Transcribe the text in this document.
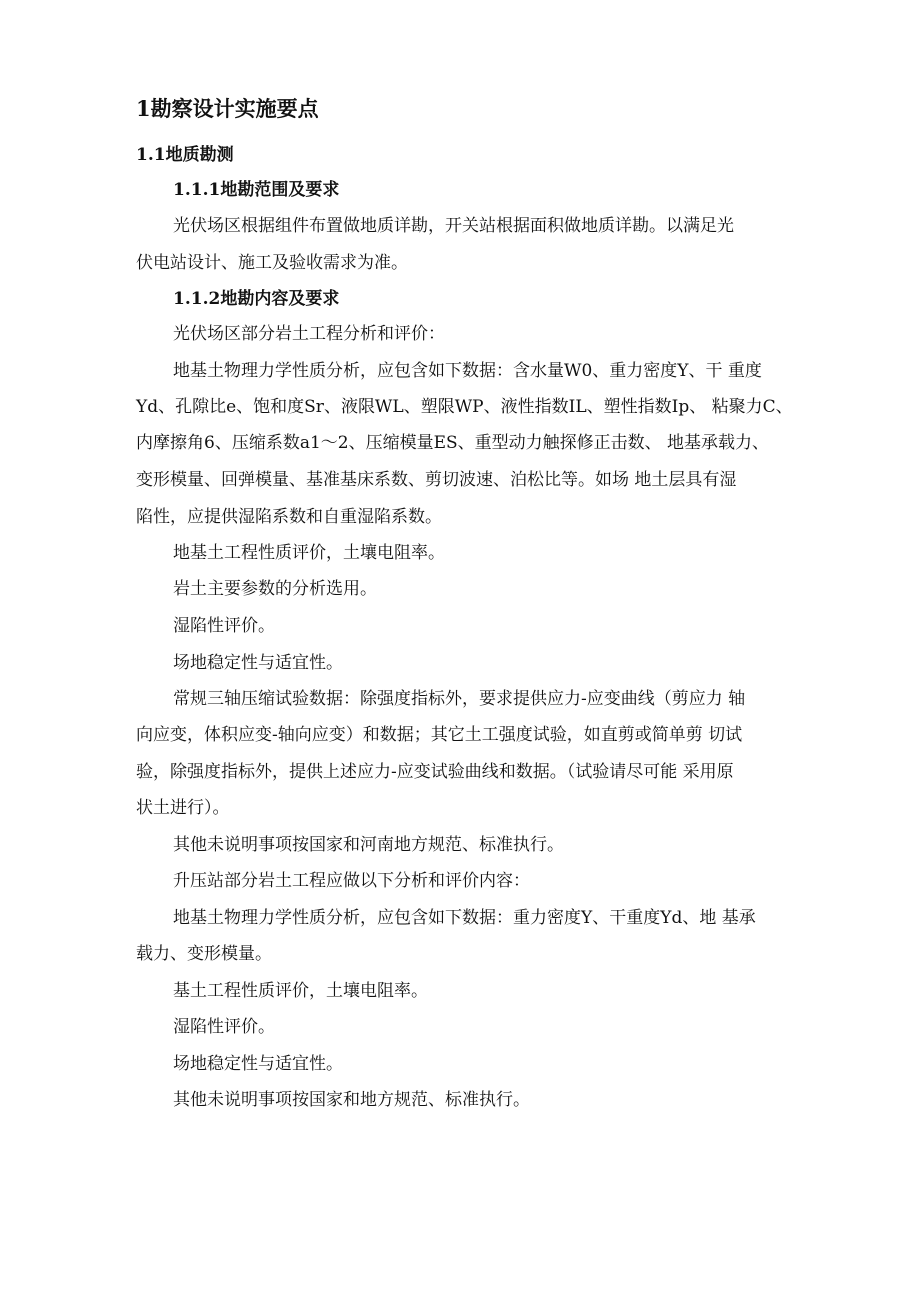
1勘察设计实施要点
1.1地质勘测
1.1.1地勘范围及要求
光伏场区根据组件布置做地质详勘，开关站根据面积做地质详勘。以满足光
伏电站设计、施工及验收需求为准。
1.1.2地勘内容及要求
光伏场区部分岩土工程分析和评价：
地基土物理力学性质分析，应包含如下数据：含水量W0、重力密度Y、干 重度
Yd、孔隙比e、饱和度Sr、液限WL、塑限WP、液性指数IL、塑性指数Ip、 粘聚力C、
内摩擦角6、压缩系数a1～2、压缩模量ES、重型动力触探修正击数、 地基承载力、
变形模量、回弹模量、基准基床系数、剪切波速、泊松比等。如场 地土层具有湿
陷性，应提供湿陷系数和自重湿陷系数。
地基土工程性质评价，土壤电阻率。
岩土主要参数的分析选用。
湿陷性评价。
场地稳定性与适宜性。
常规三轴压缩试验数据：除强度指标外，要求提供应力-应变曲线（剪应力 轴
向应变，体积应变-轴向应变）和数据；其它土工强度试验，如直剪或简单剪 切试
验，除强度指标外，提供上述应力-应变试验曲线和数据。（试验请尽可能 采用原
状土进行）。
其他未说明事项按国家和河南地方规范、标准执行。
升压站部分岩土工程应做以下分析和评价内容：
地基土物理力学性质分析，应包含如下数据：重力密度Y、干重度Yd、地 基承
载力、变形模量。
基土工程性质评价，土壤电阻率。
湿陷性评价。
场地稳定性与适宜性。
其他未说明事项按国家和地方规范、标准执行。
